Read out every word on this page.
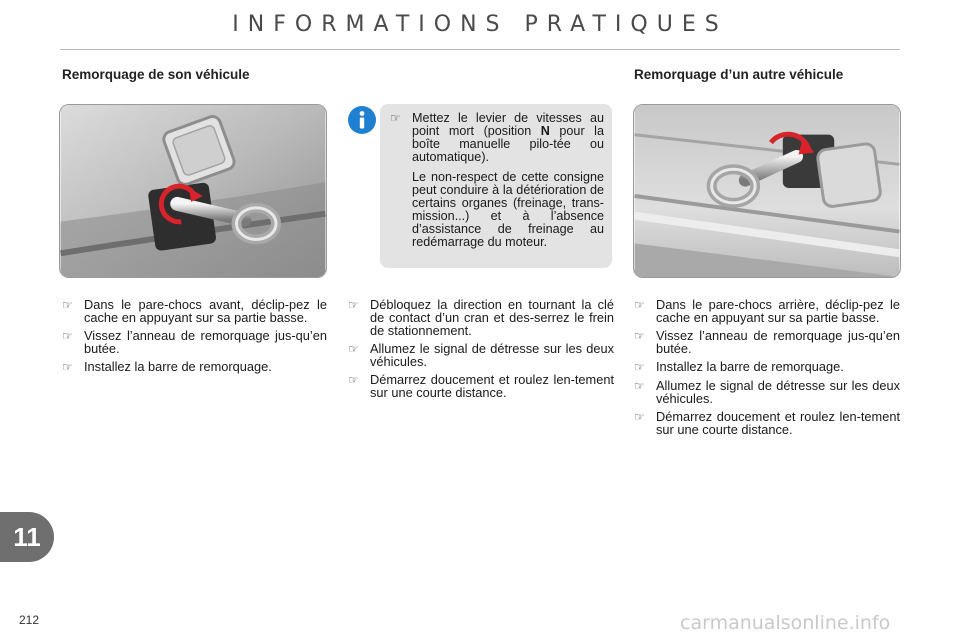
INFORMATIONS PRATIQUES
Remorquage de son véhicule	Remorquage d’un autre véhicule
☞ Mettez le levier de vitesses au point mort (position N pour la boîte manuelle pilo-tée ou automatique).
Le non-respect de cette consigne peut conduire à la détérioration de certains organes (freinage, trans-mission...) et à l’absence d’assistance de freinage au redémarrage du moteur.
☞ Dans le pare-chocs avant, déclip-pez le cache en appuyant sur sa partie basse.
☞ Vissez l’anneau de remorquage jus-qu’en butée.
☞ Installez la barre de remorquage.
☞ Débloquez la direction en tournant la clé de contact d’un cran et des-serrez le frein de stationnement.
☞ Allumez le signal de détresse sur les deux véhicules.
☞ Démarrez doucement et roulez len-tement sur une courte distance.
☞ Dans le pare-chocs arrière, déclip-pez le cache en appuyant sur sa partie basse.
☞ Vissez l’anneau de remorquage jus-qu’en butée.
☞ Installez la barre de remorquage.
☞ Allumez le signal de détresse sur les deux véhicules.
☞ Démarrez doucement et roulez len-tement sur une courte distance.
11
212	carmanualsonline.info
